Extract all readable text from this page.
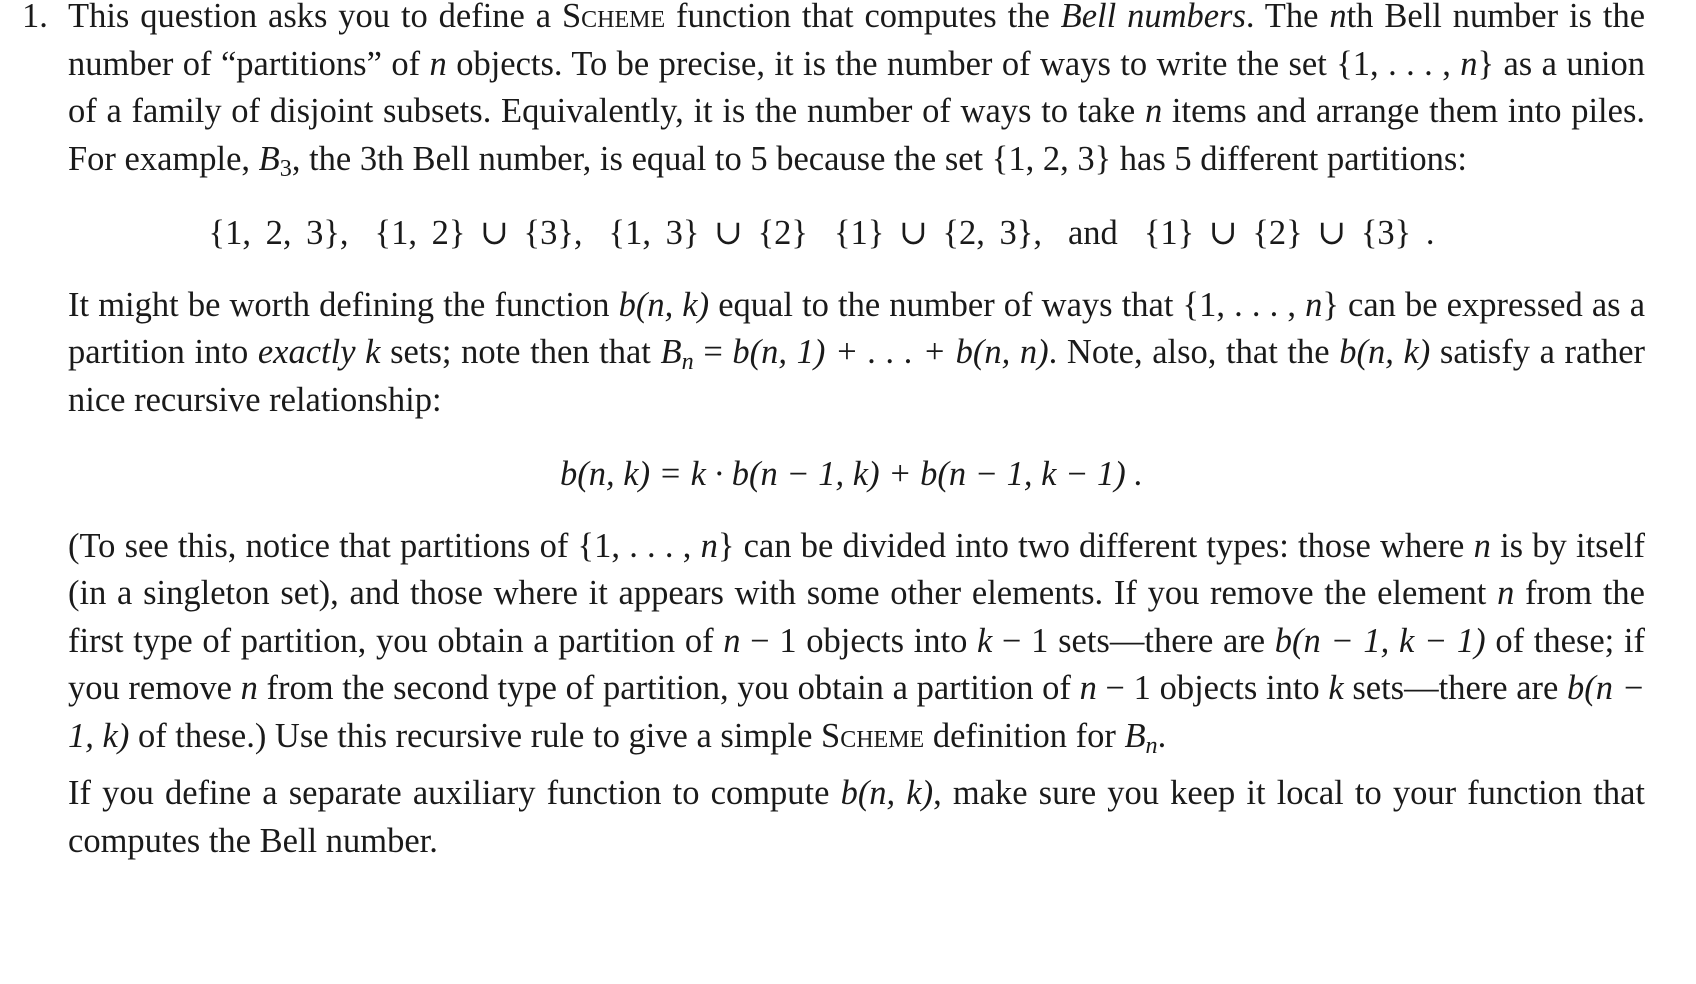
1. This question asks you to define a Scheme function that computes the Bell numbers. The nth Bell number is the number of “partitions” of n objects. To be precise, it is the number of ways to write the set {1, . . . , n} as a union of a family of disjoint subsets. Equivalently, it is the number of ways to take n items and arrange them into piles. For example, $B_3$, the 3th Bell number, is equal to 5 because the set {1, 2, 3} has 5 different partitions:

{1, 2, 3}, {1, 2} ∪ {3}, {1, 3} ∪ {2} {1} ∪ {2, 3}, and {1} ∪ {2} ∪ {3} .

It might be worth defining the function b(n, k) equal to the number of ways that {1, . . . , n} can be expressed as a partition into exactly k sets; note then that $B_n = b(n$, 1) + . . . + b(n, n). Note, also, that the b(n, k) satisfy a rather nice recursive relationship:

b(n, k) = k · b(n − 1, k) + b(n − 1, k − 1) .

(To see this, notice that partitions of {1, . . . , n} can be divided into two different types: those where n is by itself (in a singleton set), and those where it appears with some other elements. If you remove the element n from the first type of partition, you obtain a partition of n − 1 objects into k − 1 sets—there are b(n − 1, k − 1) of these; if you remove n from the second type of partition, you obtain a partition of n − 1 objects into k sets—there are b(n − 1, k) of these.) Use this recursive rule to give a simple Scheme definition for $B_n$.

If you define a separate auxiliary function to compute b(n, k), make sure you keep it local to your function that computes the Bell number.
